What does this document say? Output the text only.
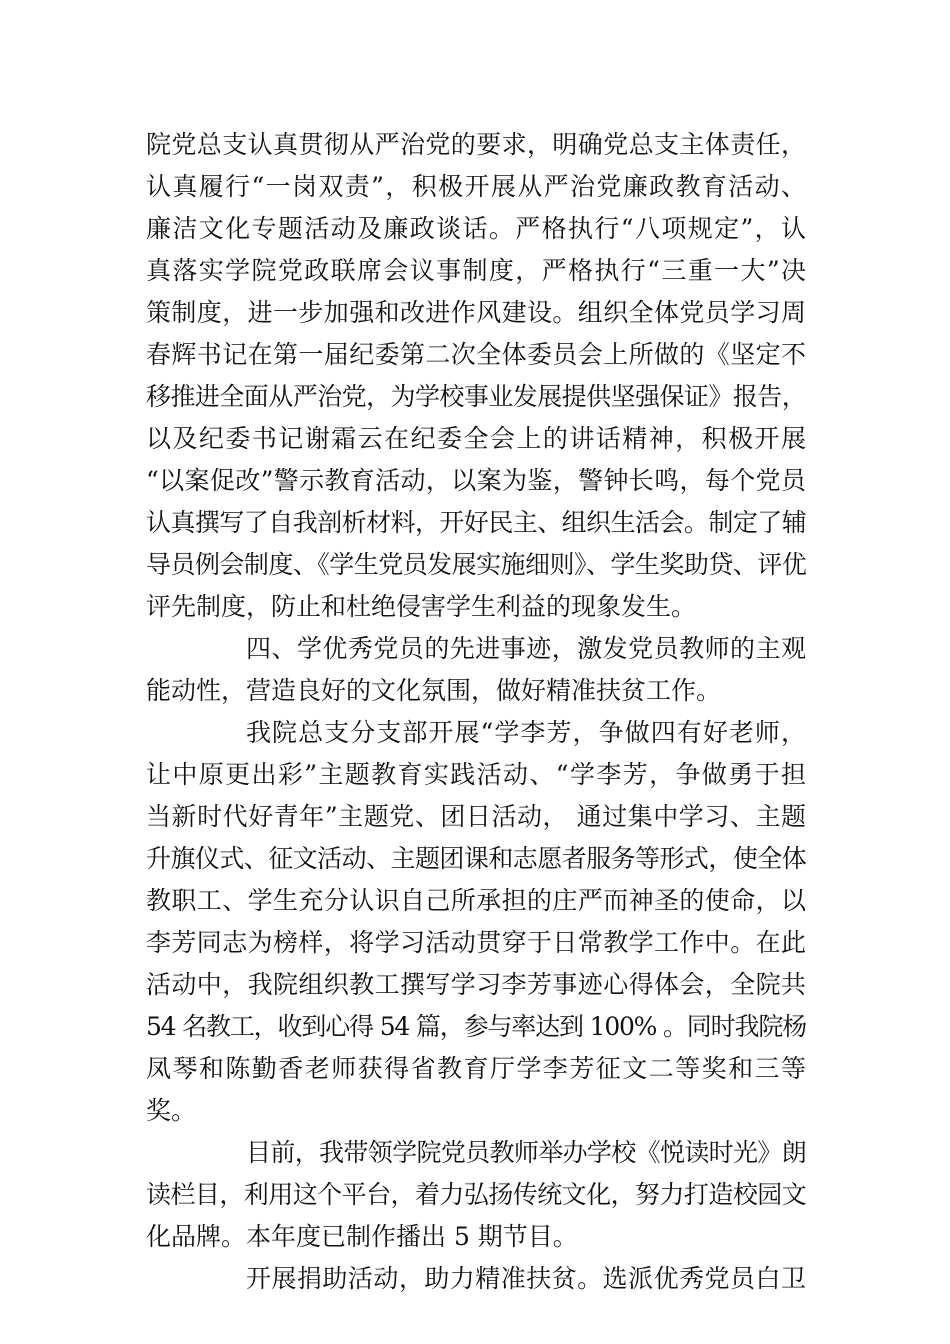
院党总支认真贯彻从严治党的要求，明确党总支主体责任，
认真履行“一岗双责”，积极开展从严治党廉政教育活动、
廉洁文化专题活动及廉政谈话。严格执行“八项规定”，认
真落实学院党政联席会议事制度，严格执行“三重一大”决
策制度，进一步加强和改进作风建设。组织全体党员学习周
春辉书记在第一届纪委第二次全体委员会上所做的《坚定不
移推进全面从严治党，为学校事业发展提供坚强保证》报告，
以及纪委书记谢霜云在纪委全会上的讲话精神，积极开展
“以案促改”警示教育活动，以案为鉴，警钟长鸣，每个党员
认真撰写了自我剖析材料，开好民主、组织生活会。制定了辅
导员例会制度、《学生党员发展实施细则》、学生奖助贷、评优
评先制度，防止和杜绝侵害学生利益的现象发生。

四、学优秀党员的先进事迹，激发党员教师的主观
能动性，营造良好的文化氛围，做好精准扶贫工作。

我院总支分支部开展“学李芳，争做四有好老师，
让中原更出彩”主题教育实践活动、“学李芳，争做勇于担
当新时代好青年”主题党、团日活动， 通过集中学习、主题
升旗仪式、征文活动、主题团课和志愿者服务等形式，使全体
教职工、学生充分认识自己所承担的庄严而神圣的使命，以
李芳同志为榜样，将学习活动贯穿于日常教学工作中。在此
活动中，我院组织教工撰写学习李芳事迹心得体会，全院共
54 名教工，收到心得 54 篇，参与率达到 100% 。同时我院杨
凤琴和陈勤香老师获得省教育厅学李芳征文二等奖和三等
奖。

目前，我带领学院党员教师举办学校《悦读时光》朗
读栏目，利用这个平台，着力弘扬传统文化，努力打造校园文
化品牌。本年度已制作播出 5 期节目。

开展捐助活动，助力精准扶贫。选派优秀党员白卫
